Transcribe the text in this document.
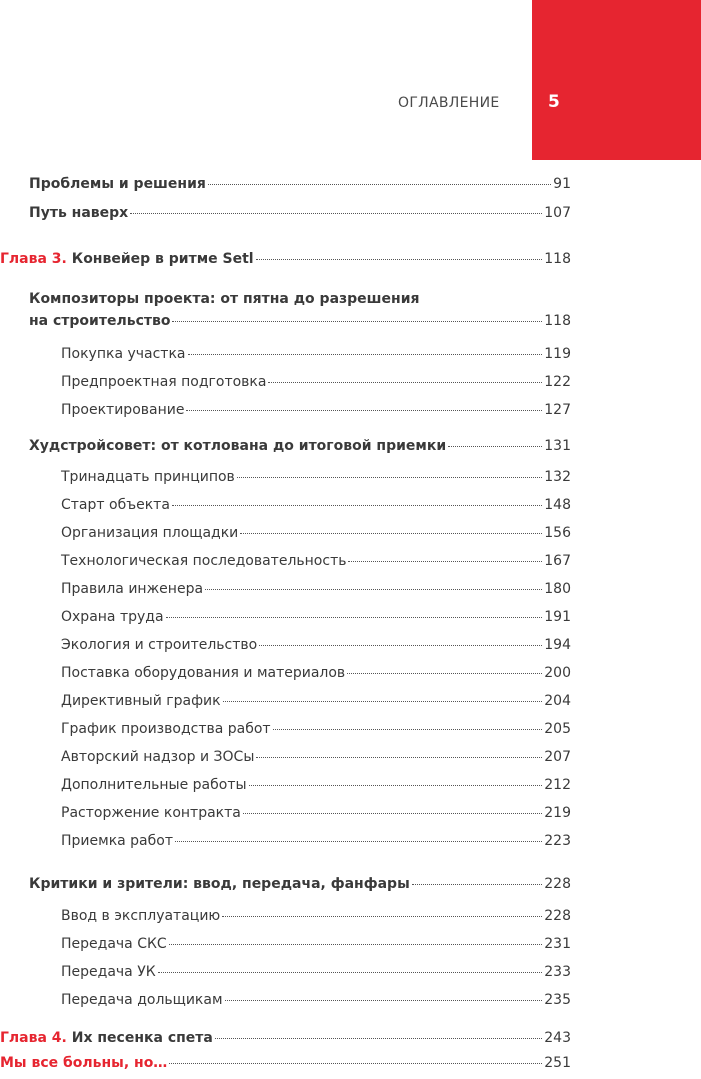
5
ОГЛАВЛЕНИЕ
Проблемы и решения	91
Путь наверх	107
Глава 3. Конвейер в ритме Setl	118
Композиторы проекта: от пятна до разрешения
на строительство	118
Покупка участка	119
Предпроектная подготовка	122
Проектирование	127
Худстройсовет: от котлована до итоговой приемки	131
Тринадцать принципов	132
Старт объекта	148
Организация площадки	156
Технологическая последовательность	167
Правила инженера	180
Охрана труда	191
Экология и строительство	194
Поставка оборудования и материалов	200
Директивный график	204
График производства работ	205
Авторский надзор и ЗОСы	207
Дополнительные работы	212
Расторжение контракта	219
Приемка работ	223
Критики и зрители: ввод, передача, фанфары	228
Ввод в эксплуатацию	228
Передача СКС	231
Передача УК	233
Передача дольщикам	235
Глава 4. Их песенка спета	243
Мы все больны, но…	251
